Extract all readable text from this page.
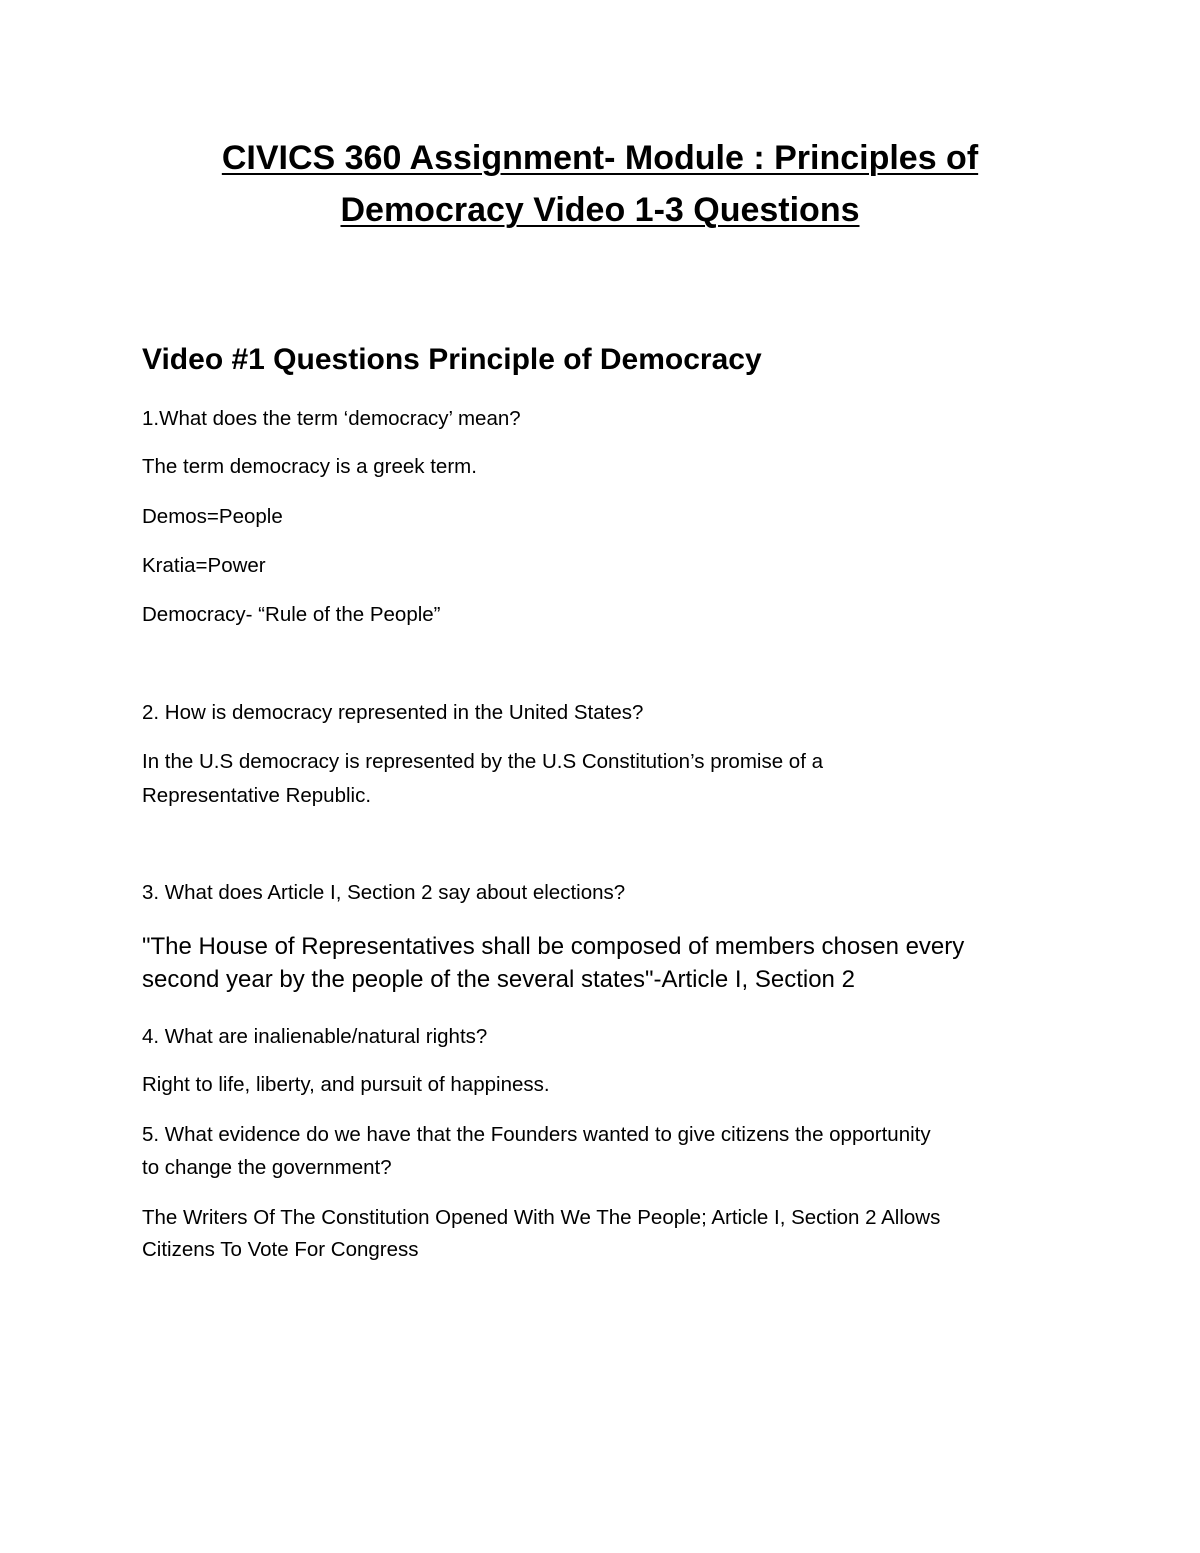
CIVICS 360 Assignment- Module : Principles of
Democracy Video 1-3 Questions
Video #1 Questions Principle of Democracy
1.What does the term ‘democracy’ mean?
The term democracy is a greek term.
Demos=People
Kratia=Power
Democracy- “Rule of the People”
2. How is democracy represented in the United States?
In the U.S democracy is represented by the U.S Constitution’s promise of a
Representative Republic.
3. What does Article I, Section 2 say about elections?
"The House of Representatives shall be composed of members chosen every
second year by the people of the several states"-Article I, Section 2
4. What are inalienable/natural rights?
Right to life, liberty, and pursuit of happiness.
5. What evidence do we have that the Founders wanted to give citizens the opportunity
to change the government?
The Writers Of The Constitution Opened With We The People; Article I, Section 2 Allows
Citizens To Vote For Congress
